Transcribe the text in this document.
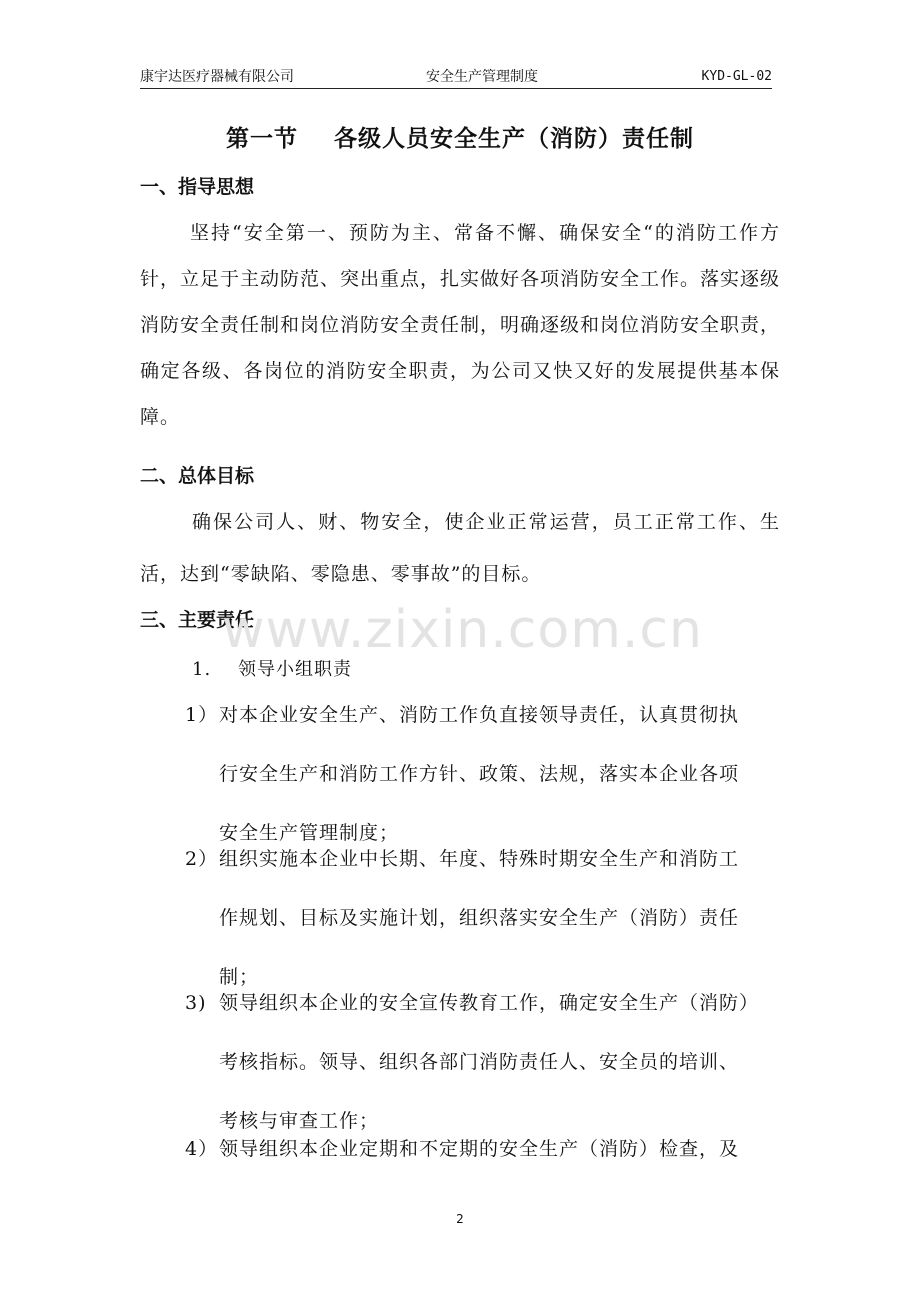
康宇达医疗器械有限公司	安全生产管理制度	KYD-GL-02
第一节 各级人员安全生产（消防）责任制
一、指导思想

坚持“安全第一、预防为主、常备不懈、确保安全“的消防工作方针，立足于主动防范、突出重点，扎实做好各项消防安全工作。落实逐级消防安全责任制和岗位消防安全责任制，明确逐级和岗位消防安全职责，确定各级、各岗位的消防安全职责，为公司又快又好的发展提供基本保障。

二、总体目标

确保公司人、财、物安全，使企业正常运营，员工正常工作、生活，达到“零缺陷、零隐患、零事故”的目标。

三、主要责任
1. 领导小组职责
1） 对本企业安全生产、消防工作负直接领导责任，认真贯彻执
行安全生产和消防工作方针、政策、法规，落实本企业各项
安全生产管理制度；
2） 组织实施本企业中长期、年度、特殊时期安全生产和消防工
作规划、目标及实施计划，组织落实安全生产（消防）责任
制；
3) 领导组织本企业的安全宣传教育工作，确定安全生产（消防）
考核指标。领导、组织各部门消防责任人、安全员的培训、
考核与审查工作；
4） 领导组织本企业定期和不定期的安全生产（消防）检查，及
www.zixin.com.cn
2
